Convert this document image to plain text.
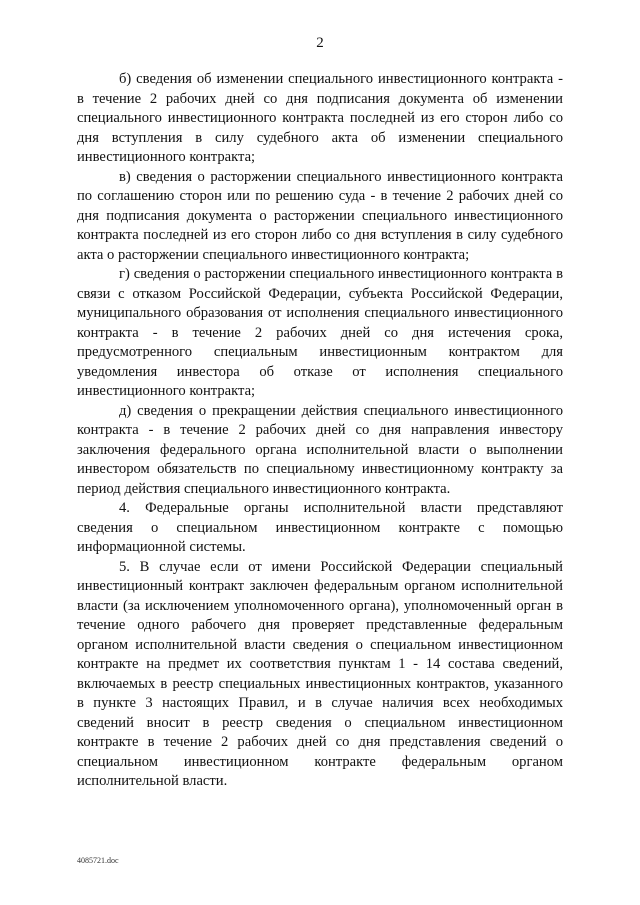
2

б) сведения об изменении специального инвестиционного контракта - в течение 2 рабочих дней со дня подписания документа об изменении специального инвестиционного контракта последней из его сторон либо со дня вступления в силу судебного акта об изменении специального инвестиционного контракта;

в) сведения о расторжении специального инвестиционного контракта по соглашению сторон или по решению суда - в течение 2 рабочих дней со дня подписания документа о расторжении специального инвестиционного контракта последней из его сторон либо со дня вступления в силу судебного акта о расторжении специального инвестиционного контракта;

г) сведения о расторжении специального инвестиционного контракта в связи с отказом Российской Федерации, субъекта Российской Федерации, муниципального образования от исполнения специального инвестиционного контракта - в течение 2 рабочих дней со дня истечения срока, предусмотренного специальным инвестиционным контрактом для уведомления инвестора об отказе от исполнения специального инвестиционного контракта;

д) сведения о прекращении действия специального инвестиционного контракта - в течение 2 рабочих дней со дня направления инвестору заключения федерального органа исполнительной власти о выполнении инвестором обязательств по специальному инвестиционному контракту за период действия специального инвестиционного контракта.

4. Федеральные органы исполнительной власти представляют сведения о специальном инвестиционном контракте с помощью информационной системы.

5. В случае если от имени Российской Федерации специальный инвестиционный контракт заключен федеральным органом исполнительной власти (за исключением уполномоченного органа), уполномоченный орган в течение одного рабочего дня проверяет представленные федеральным органом исполнительной власти сведения о специальном инвестиционном контракте на предмет их соответствия пунктам 1 - 14 состава сведений, включаемых в реестр специальных инвестиционных контрактов, указанного в пункте 3 настоящих Правил, и в случае наличия всех необходимых сведений вносит в реестр сведения о специальном инвестиционном контракте в течение 2 рабочих дней со дня представления сведений о специальном инвестиционном контракте федеральным органом исполнительной власти.

4085721.doc
